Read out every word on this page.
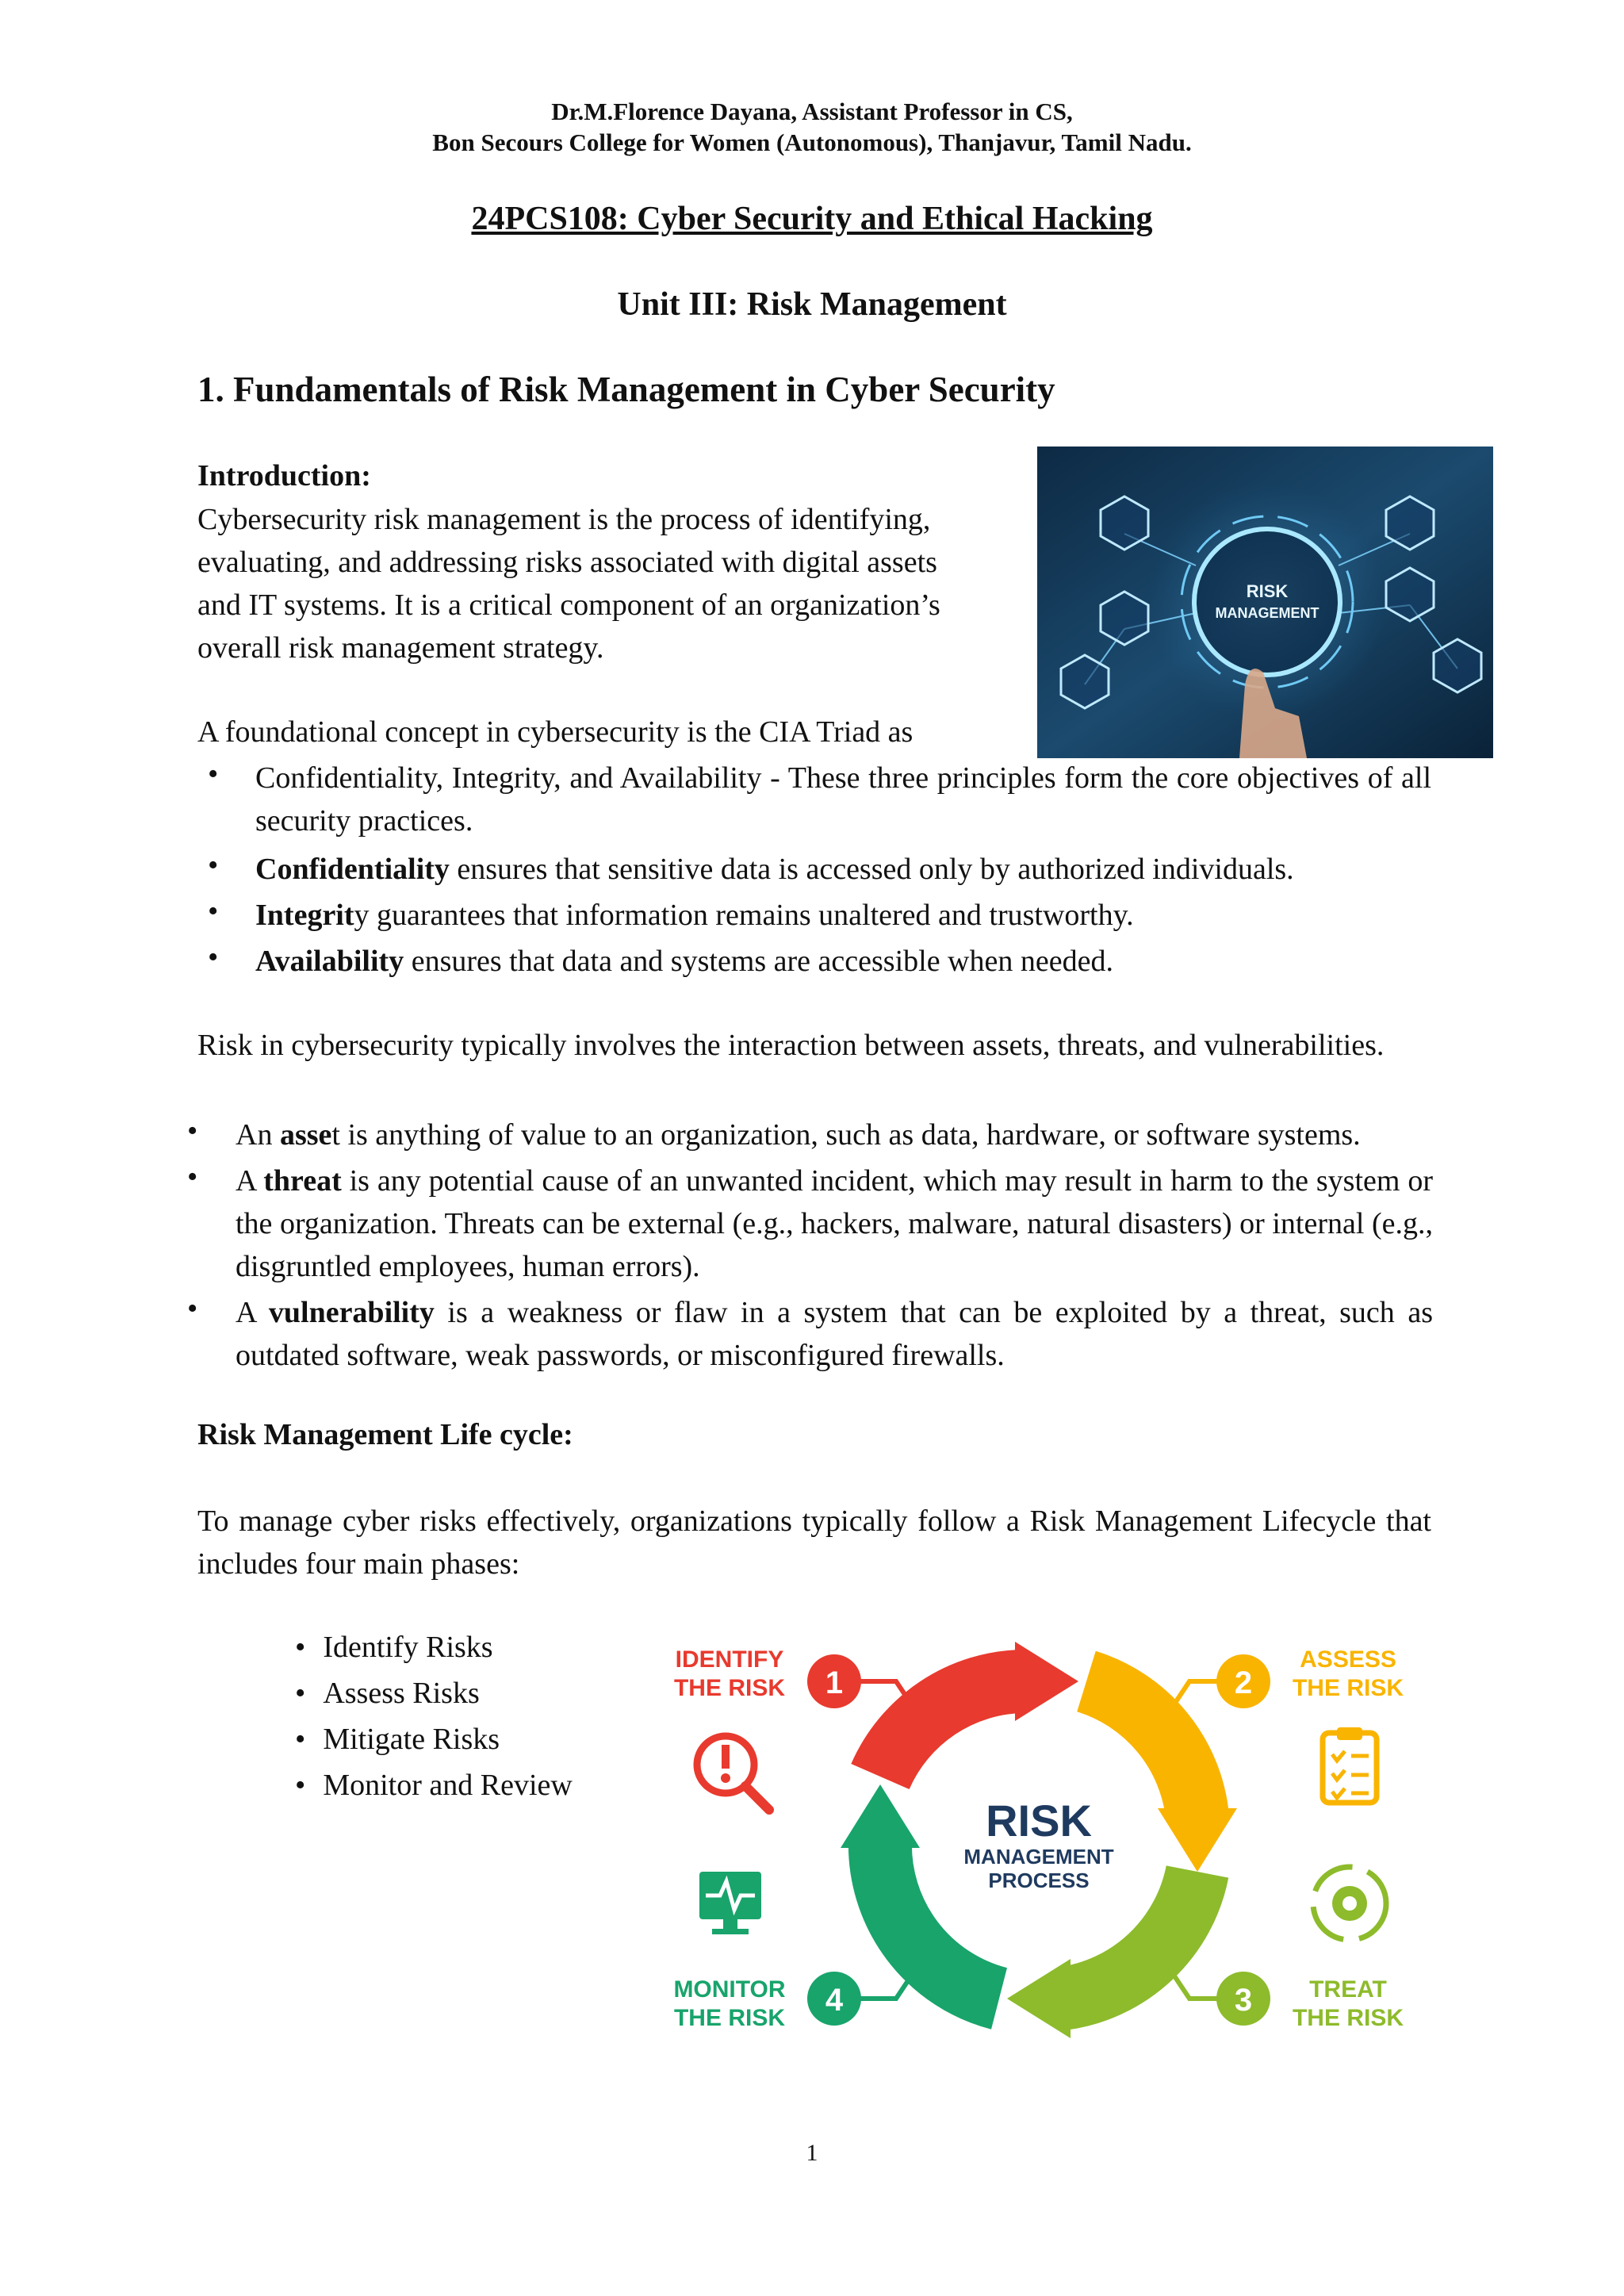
Dr.M.Florence Dayana, Assistant Professor in CS,
Bon Secours College for Women (Autonomous), Thanjavur, Tamil Nadu.
24PCS108: Cyber Security and Ethical Hacking
Unit III: Risk Management
1. Fundamentals of Risk Management in Cyber Security
Introduction:
Cybersecurity risk management is the process of identifying,
evaluating, and addressing risks associated with digital assets
and IT systems. It is a critical component of an organization’s
overall risk management strategy.
RISK
MANAGEMENT
A foundational concept in cybersecurity is the CIA Triad as
• Confidentiality, Integrity, and Availability - These three principles form the core objectives of all security practices.
• Confidentiality ensures that sensitive data is accessed only by authorized individuals.
• Integrity guarantees that information remains unaltered and trustworthy.
• Availability ensures that data and systems are accessible when needed.
Risk in cybersecurity typically involves the interaction between assets, threats, and vulnerabilities.
• An asset is anything of value to an organization, such as data, hardware, or software systems.
• A threat is any potential cause of an unwanted incident, which may result in harm to the system or the organization. Threats can be external (e.g., hackers, malware, natural disasters) or internal (e.g., disgruntled employees, human errors).
• A vulnerability is a weakness or flaw in a system that can be exploited by a threat, such as outdated software, weak passwords, or misconfigured firewalls.
Risk Management Life cycle:
To manage cyber risks effectively, organizations typically follow a Risk Management Lifecycle that includes four main phases:
• Identify Risks
• Assess Risks
• Mitigate Risks
• Monitor and Review
RISK
MANAGEMENT
PROCESS
1	2
3
4
IDENTIFY
THE RISK
ASSESS
THE RISK
TREAT
THE RISK
MONITOR
THE RISK
1
